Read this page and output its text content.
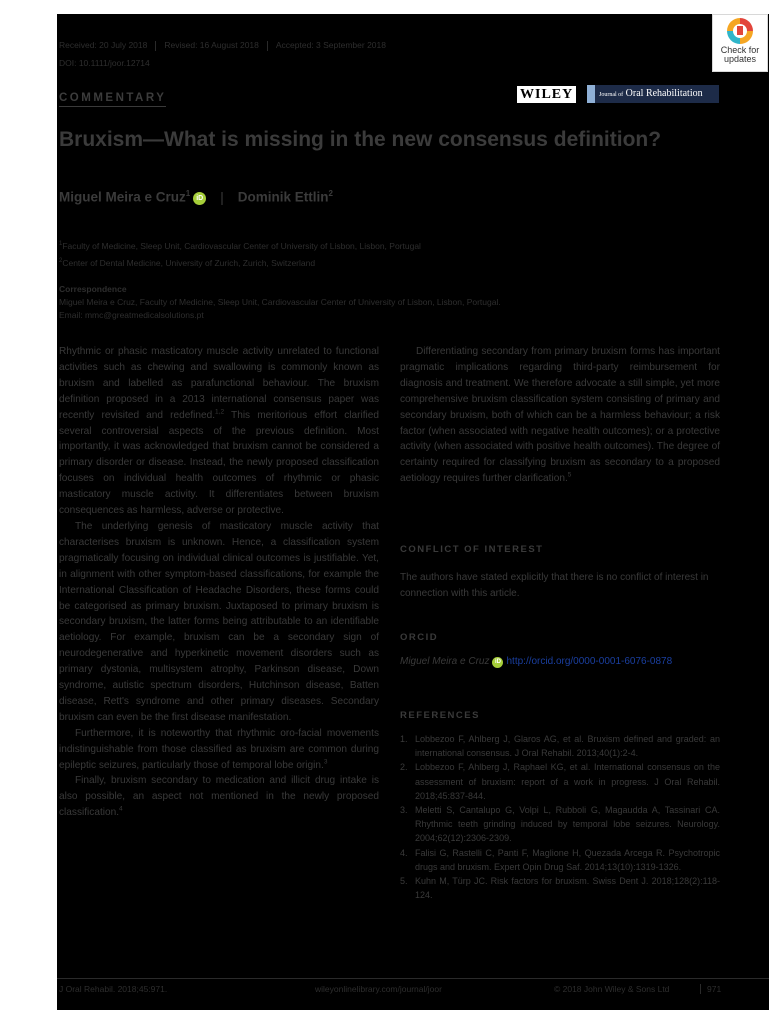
Received: 20 July 2018 Revised: 16 August 2018 Accepted: 3 September 2018
DOI: 10.1111/joor.12714
Check for
updates
COMMENTARY	WILEY	Journal of Oral Rehabilitation
Bruxism—What is missing in the new consensus definition?
Miguel Meira e Cruz$^1$ iD | Dominik Ettlin$^2$
$^1$Faculty of Medicine, Sleep Unit, Cardiovascular Center of University of Lisbon, Lisbon, Portugal
$^2$Center of Dental Medicine, University of Zurich, Zurich, Switzerland
Correspondence
Miguel Meira e Cruz, Faculty of Medicine, Sleep Unit, Cardiovascular Center of University of Lisbon, Lisbon, Portugal.
Email: mmc@greatmedicalsolutions.pt

Rhythmic or phasic masticatory muscle activity unrelated to functional activities such as chewing and swallowing is commonly known as bruxism and labelled as parafunctional behaviour. The bruxism definition proposed in a 2013 international consensus paper was recently revisited and redefined.$^{1,2}$ This meritorious effort clarified several controversial aspects of the previous definition. Most importantly, it was acknowledged that bruxism cannot be considered a primary disorder or disease. Instead, the newly proposed classification focuses on individual health outcomes of rhythmic or phasic masticatory muscle activity. It differentiates between bruxism consequences as harmless, adverse or protective.

The underlying genesis of masticatory muscle activity that characterises bruxism is unknown. Hence, a classification system pragmatically focusing on individual clinical outcomes is justifiable. Yet, in alignment with other symptom-based classifications, for example the International Classification of Headache Disorders, these forms could be categorised as primary bruxism. Juxtaposed to primary bruxism is secondary bruxism, the latter forms being attributable to an identifiable aetiology. For example, bruxism can be a secondary sign of neurodegenerative and hyperkinetic movement disorders such as primary dystonia, multisystem atrophy, Parkinson disease, Down syndrome, autistic spectrum disorders, Hutchinson disease, Batten disease, Rett's syndrome and other primary diseases. Secondary bruxism can even be the first disease manifestation.

Furthermore, it is noteworthy that rhythmic oro-facial movements indistinguishable from those classified as bruxism are common during epileptic seizures, particularly those of temporal lobe origin.$^3$

Finally, bruxism secondary to medication and illicit drug intake is also possible, an aspect not mentioned in the newly proposed classification.$^4$

Differentiating secondary from primary bruxism forms has important pragmatic implications regarding third-party reimbursement for diagnosis and treatment. We therefore advocate a still simple, yet more comprehensive bruxism classification system consisting of primary and secondary bruxism, both of which can be a harmless behaviour; a risk factor (when associated with negative health outcomes); or a protective activity (when associated with positive health outcomes). The degree of certainty required for classifying bruxism as secondary to a proposed aetiology requires further clarification.$^5$

CONFLICT OF INTEREST
The authors have stated explicitly that there is no conflict of interest in connection with this article.
ORCID
Miguel Meira e Cruz iD http://orcid.org/0000-0001-6076-0878
REFERENCES
1. Lobbezoo F, Ahlberg J, Glaros AG, et al. Bruxism defined and graded: an international consensus. J Oral Rehabil. 2013;40(1):2-4.
2. Lobbezoo F, Ahlberg J, Raphael KG, et al. International consensus on the assessment of bruxism: report of a work in progress. J Oral Rehabil. 2018;45:837-844.
3. Meletti S, Cantalupo G, Volpi L, Rubboli G, Magaudda A, Tassinari CA. Rhythmic teeth grinding induced by temporal lobe seizures. Neurology. 2004;62(12):2306-2309.
4. Falisi G, Rastelli C, Panti F, Maglione H, Quezada Arcega R. Psychotropic drugs and bruxism. Expert Opin Drug Saf. 2014;13(10):1319-1326.
5. Kuhn M, Türp JC. Risk factors for bruxism. Swiss Dent J. 2018;128(2):118-124.
J Oral Rehabil. 2018;45:971.	wileyonlinelibrary.com/journal/joor	© 2018 John Wiley & Sons Ltd	971
